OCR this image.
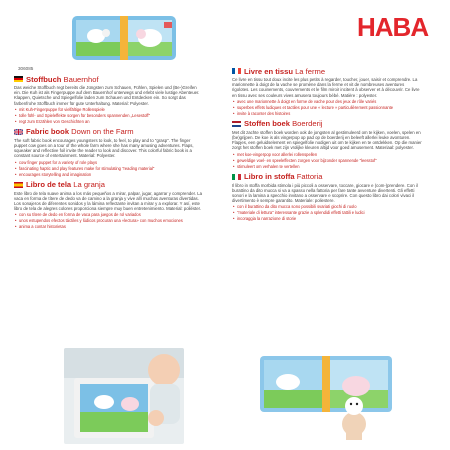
HABA
306085
Stoffbuch Bauernhof
Das weiche Stoffbuch regt bereits die Jüngsten zum Schauen, Fühlen, Spielen und (Be-)Greifen ein. Die Kuh ist als Fingerpuppe auf dem Bauernhof unterwegs und erlebt viele lustige Abenteuer. Klappen, Quietsche und Spiegelfolie laden zum Schauen und Entdecken ein. So sorgt das farbenfrohe Stoffbuch immer für gute Unterhaltung. Material: Polyester.
• mit Kuh-Fingerpuppe für vielfältige Rollenspiele
• tolle fühl- und Spieleffekte sorgen für besonders spannenden „Lesestoff"
• regt zum Erzählen von Geschichten an
Fabric book Down on the Farm
The soft fabric book encourages youngsters to look, to feel, to play and to "grasp". The finger puppet cow goes on a tour of the whole farm where she has many amusing adventures. Flaps, squeaker and reflective foil invite the reader to look and discover. This colorful fabric book is a constant source of entertainment. Material: Polyester.
• cow finger puppet for a variety of role plays
• fascinating haptic and play features make for stimulating "reading material"
• encourages storytelling and imagination
Libro de tela La granja
Este libro de tela suave anima a los más pequeños a mirar, palpar, jugar, agarrar y comprender. La vaca en forma de títere de dedo va de camino a la granja y vive allí muchas aventuras divertidas. Los sonajeros de diferentes sonidos y la lámina reflectante invitan a mirar y a explorar. Y así, este libro de tela de alegres colores proporciona siempre muy buen entretenimiento. Material: poliéster.
• con su títere de dedo en forma de vaca para juegos de rol variados
• unos estupendos efectos táctiles y lúdicos procuran una «lectura» con muchos emociones
• anima a contar historietas
Livre en tissu La ferme
Ce livre en tissu tout doux incite les plus petits à regarder, toucher, jouer, saisir et comprendre. La marionnette à doigt de la vache se promène dans la ferme et vit de nombreuses aventures rigolotes. Les couinements, couvrements et le film miroir incitent à observer et à découvrir. Ce livre en tissu avec ses couleurs vives amusera toujours bébé. Matière : polyester.
• avec une marionnette à doigt en forme de vache pour des jeux de rôle variés
• superbes effets ludiques et tactiles pour une « lecture » particulièrement passionnante
• invite à raconter des histoires
Stoffen boek Boerderij
Met dit zachte stoffen boek worden ook de jongsten al gestimuleerd om te kijken, voelen, spelen en (be)grijpen. De koe is als vingerpop op pad op de boerderij en beleeft allerlei leuke avonturen. Flapjes, een geluidselement en spiegelfolie nodigen uit om te kijken en te ontdekken. Op die manier zorgt het stoffen boek met zijn vrolijke kleuren altijd voor goed amusement. Materiaal: polyester.
• met koe-vingerpop voor allerlei rollenspellen
• geweldige voel- en speeleffecten zorgen voor bijzonder spannende "leesstof"
• stimuleert om verhalen te vertellen
Libro in stoffa Fattoria
Il libro in stoffa morbida stimola i più piccoli a osservare, toccare, giocare e (com-)prendere. Con il burattino da dito mucca si va a spasso nella fattoria per fare tante avventure divertenti. Gli effetti sonori e la lamina a specchio invitano a osservare e scoprire. Con questo libro dai colori vivaci il divertimento è sempre garantito. Materiale: poliestere.
• con il burattino da dito mucca sono possibili svariati giochi di ruolo
• "materiale di lettura" interessante grazie a splendidi effetti tattili e ludici
• incoraggia la narrazione di storie
